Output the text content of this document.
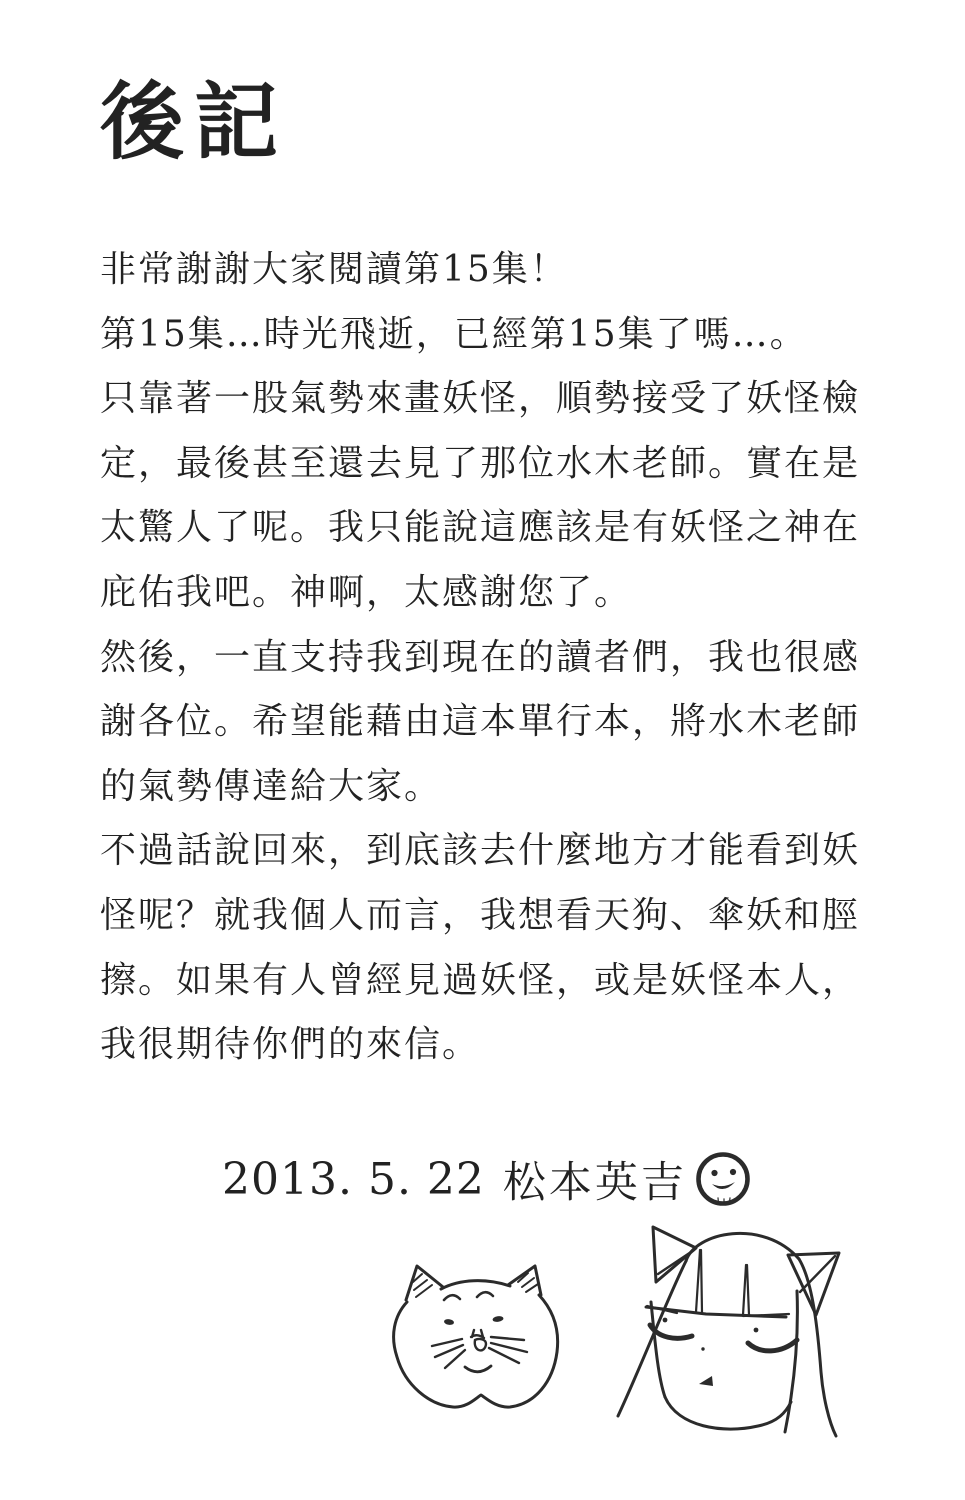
後記
非常謝謝大家閱讀第15集！
第15集…時光飛逝，已經第15集了嗎…。
只靠著一股氣勢來畫妖怪，順勢接受了妖怪檢
定，最後甚至還去見了那位水木老師。實在是
太驚人了呢。我只能說這應該是有妖怪之神在
庇佑我吧。神啊，太感謝您了。
然後，一直支持我到現在的讀者們，我也很感
謝各位。希望能藉由這本單行本，將水木老師
的氣勢傳達給大家。
不過話說回來，到底該去什麼地方才能看到妖
怪呢？就我個人而言，我想看天狗、傘妖和脛
擦。如果有人曾經見過妖怪，或是妖怪本人，
我很期待你們的來信。
2013. 5. 22 松本英吉
